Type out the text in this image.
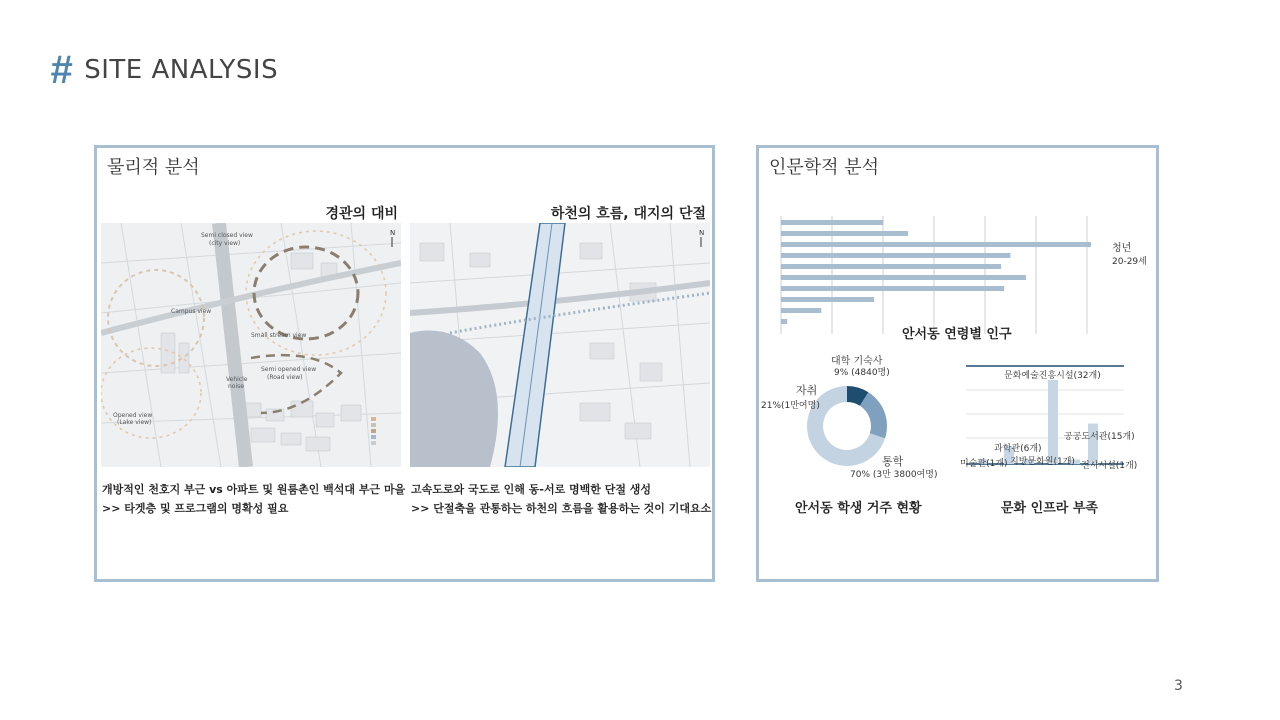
# SITE ANALYSIS
물리적 분석
경관의 대비	하천의 흐름, 대지의 단절
Semi closed view
(city view)
Campus view
Small stream view
Semi opened view
(Road view)
Vehicle
noise
Opened view
(Lake view)
N	N
개방적인 천호지 부근 vs 아파트 및 원룸촌인 백석대 부근 마을
>> 타겟층 및 프로그램의 명확성 필요
고속도로와 국도로 인해 동-서로 명백한 단절 생성
>> 단절축을 관통하는 하천의 흐름을 활용하는 것이 기대요소
인문학적 분석
청년
20-29세
안서동 연령별 인구
대학 기숙사
9% (4840명)
자취
21%(1만여명)
통학
70% (3만 3800여명)
안서동 학생 거주 현황
문화예술진흥시설(32개)
공공도서관(15개)
과학관(6개)
미술관(1개) 지방문화원(1개) 전시시설(1개)
문화 인프라 부족
3
